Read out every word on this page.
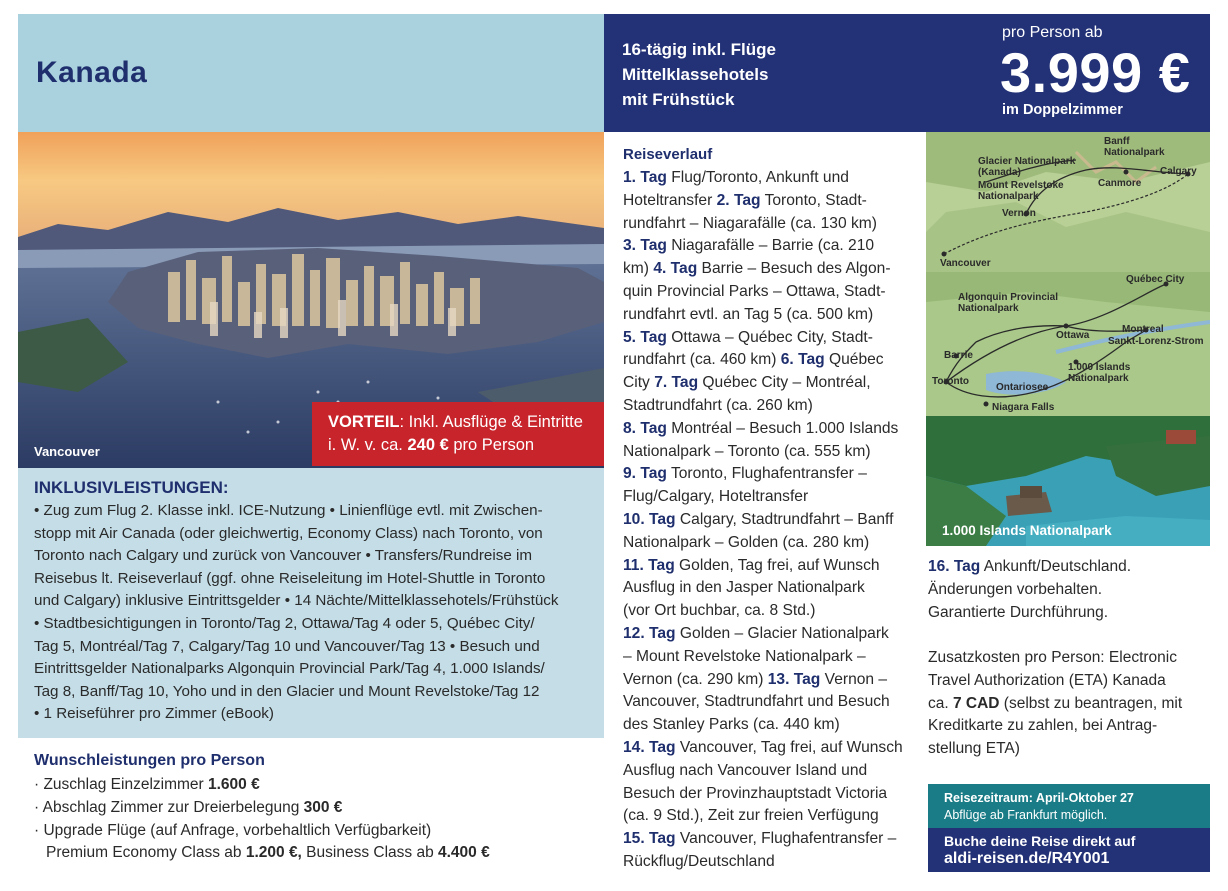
Kanada
Vancouver
VORTEIL: Inkl. Ausflüge & Eintritte
i. W. v. ca. 240 € pro Person
INKLUSIVLEISTUNGEN:
• Zug zum Flug 2. Klasse inkl. ICE-Nutzung • Linienflüge evtl. mit Zwischen-
stopp mit Air Canada (oder gleichwertig, Economy Class) nach Toronto, von
Toronto nach Calgary und zurück von Vancouver • Transfers/Rundreise im
Reisebus lt. Reiseverlauf (ggf. ohne Reiseleitung im Hotel-Shuttle in Toronto
und Calgary) inklusive Eintrittsgelder • 14 Nächte/Mittelklassehotels/Frühstück
• Stadtbesichtigungen in Toronto/Tag 2, Ottawa/Tag 4 oder 5, Québec City/
Tag 5, Montréal/Tag 7, Calgary/Tag 10 und Vancouver/Tag 13 • Besuch und
Eintrittsgelder Nationalparks Algonquin Provincial Park/Tag 4, 1.000 Islands/
Tag 8, Banff/Tag 10, Yoho und in den Glacier und Mount Revelstoke/Tag 12
• 1 Reiseführer pro Zimmer (eBook)
Wunschleistungen pro Person
· Zuschlag Einzelzimmer 1.600 €
· Abschlag Zimmer zur Dreierbelegung 300 €
· Upgrade Flüge (auf Anfrage, vorbehaltlich Verfügbarkeit)
Premium Economy Class ab 1.200 €, Business Class ab 4.400 €
16-tägig inkl. Flüge
Mittelklassehotels
mit Frühstück
pro Person ab
3.999 €
im Doppelzimmer
Reiseverlauf
1. Tag Flug/Toronto, Ankunft und
Hoteltransfer 2. Tag Toronto, Stadt-
rundfahrt – Niagarafälle (ca. 130 km)
3. Tag Niagarafälle – Barrie (ca. 210
km) 4. Tag Barrie – Besuch des Algon-
quin Provincial Parks – Ottawa, Stadt-
rundfahrt evtl. an Tag 5 (ca. 500 km)
5. Tag Ottawa – Québec City, Stadt-
rundfahrt (ca. 460 km) 6. Tag Québec
City 7. Tag Québec City – Montréal,
Stadtrundfahrt (ca. 260 km)
8. Tag Montréal – Besuch 1.000 Islands
Nationalpark – Toronto (ca. 555 km)
9. Tag Toronto, Flughafentransfer –
Flug/Calgary, Hoteltransfer
10. Tag Calgary, Stadtrundfahrt – Banff
Nationalpark – Golden (ca. 280 km)
11. Tag Golden, Tag frei, auf Wunsch
Ausflug in den Jasper Nationalpark
(vor Ort buchbar, ca. 8 Std.)
12. Tag Golden – Glacier Nationalpark
– Mount Revelstoke Nationalpark –
Vernon (ca. 290 km) 13. Tag Vernon –
Vancouver, Stadtrundfahrt und Besuch
des Stanley Parks (ca. 440 km)
14. Tag Vancouver, Tag frei, auf Wunsch
Ausflug nach Vancouver Island und
Besuch der Provinzhauptstadt Victoria
(ca. 9 Std.), Zeit zur freien Verfügung
15. Tag Vancouver, Flughafentransfer –
Rückflug/Deutschland
Banff
Nationalpark
Glacier Nationalpark
(Kanada)
Mount Revelstoke
Nationalpark
Canmore
Calgary
Vernon
Vancouver
Québec City
Algonquin Provincial
Nationalpark
Ottawa
Montreal
Sankt-Lorenz-Strom
Barrie
1.000 Islands
Nationalpark
Toronto
Ontariosee
Niagara Falls
1.000 Islands Nationalpark
16. Tag Ankunft/Deutschland.
Änderungen vorbehalten.
Garantierte Durchführung.
Zusatzkosten pro Person: Electronic
Travel Authorization (ETA) Kanada
ca. 7 CAD (selbst zu beantragen, mit
Kreditkarte zu zahlen, bei Antrag-
stellung ETA)
Reisezeitraum: April-Oktober 27
Abflüge ab Frankfurt möglich.
Buche deine Reise direkt auf
aldi-reisen.de/R4Y001
